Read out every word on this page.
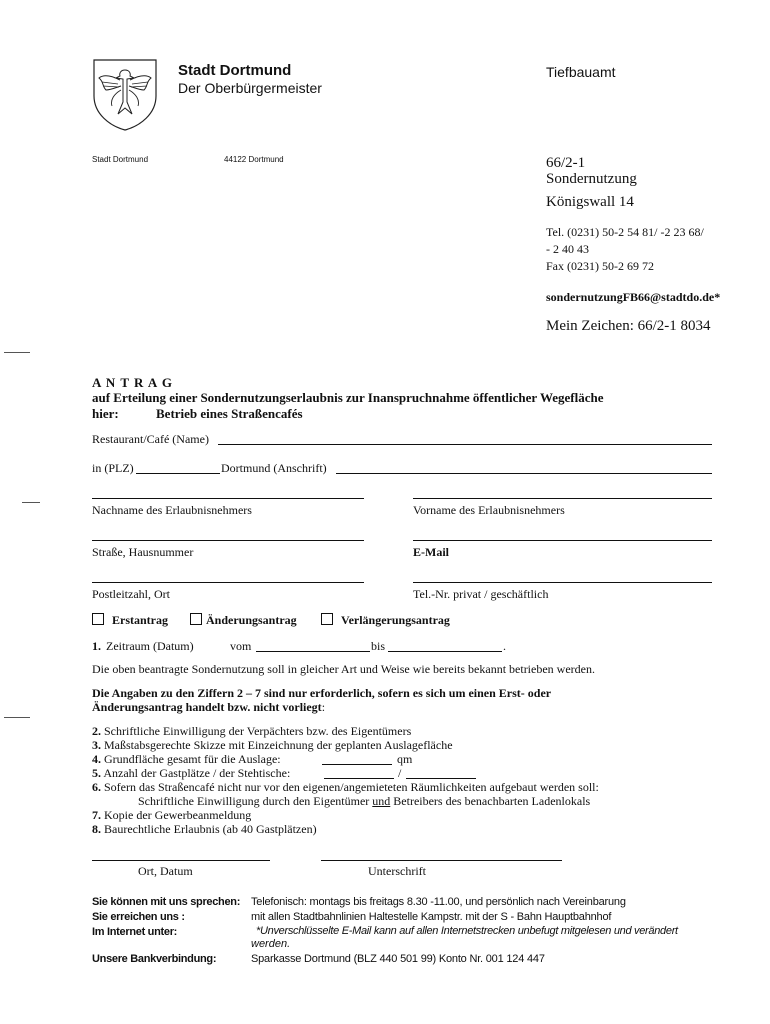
Stadt Dortmund
Der Oberbürgermeister
Tiefbauamt
Stadt Dortmund	44122 Dortmund	66/2-1
Sondernutzung
Königswall 14
Tel. (0231) 50-2 54 81/ -2 23 68/
- 2 40 43
Fax (0231) 50-2 69 72
sondernutzungFB66@stadtdo.de*
Mein Zeichen: 66/2-1 8034
A N T R A G
auf Erteilung einer Sondernutzungserlaubnis zur Inanspruchnahme öffentlicher Wegefläche
hier:	Betrieb eines Straßencafés
Restaurant/Café (Name)
in (PLZ)	Dortmund (Anschrift)
Nachname des Erlaubnisnehmers	Vorname des Erlaubnisnehmers
Straße, Hausnummer	E-Mail
Postleitzahl, Ort	Tel.-Nr. privat / geschäftlich
Erstantrag	Änderungsantrag	Verlängerungsantrag
1. Zeitraum (Datum)	vom	bis	.
Die oben beantragte Sondernutzung soll in gleicher Art und Weise wie bereits bekannt betrieben werden.
Die Angaben zu den Ziffern 2 – 7 sind nur erforderlich, sofern es sich um einen Erst- oder
Änderungsantrag handelt bzw. nicht vorliegt:
2. Schriftliche Einwilligung der Verpächters bzw. des Eigentümers
3. Maßstabsgerechte Skizze mit Einzeichnung der geplanten Auslagefläche
4. Grundfläche gesamt für die Auslage:	qm
5. Anzahl der Gastplätze / der Stehtische:	/
6. Sofern das Straßencafé nicht nur vor den eigenen/angemieteten Räumlichkeiten aufgebaut werden soll:
Schriftliche Einwilligung durch den Eigentümer und Betreibers des benachbarten Ladenlokals
7. Kopie der Gewerbeanmeldung
8. Baurechtliche Erlaubnis (ab 40 Gastplätzen)
Ort, Datum	Unterschrift
Sie können mit uns sprechen: Telefonisch: montags bis freitags 8.30 -11.00, und persönlich nach Vereinbarung
Sie erreichen uns :	mit allen Stadtbahnlinien Haltestelle Kampstr. mit der S - Bahn Hauptbahnhof
Im Internet unter:	*Unverschlüsselte E-Mail kann auf allen Internetstrecken unbefugt mitgelesen und verändert
werden.
Unsere Bankverbindung:	Sparkasse Dortmund (BLZ 440 501 99) Konto Nr. 001 124 447
